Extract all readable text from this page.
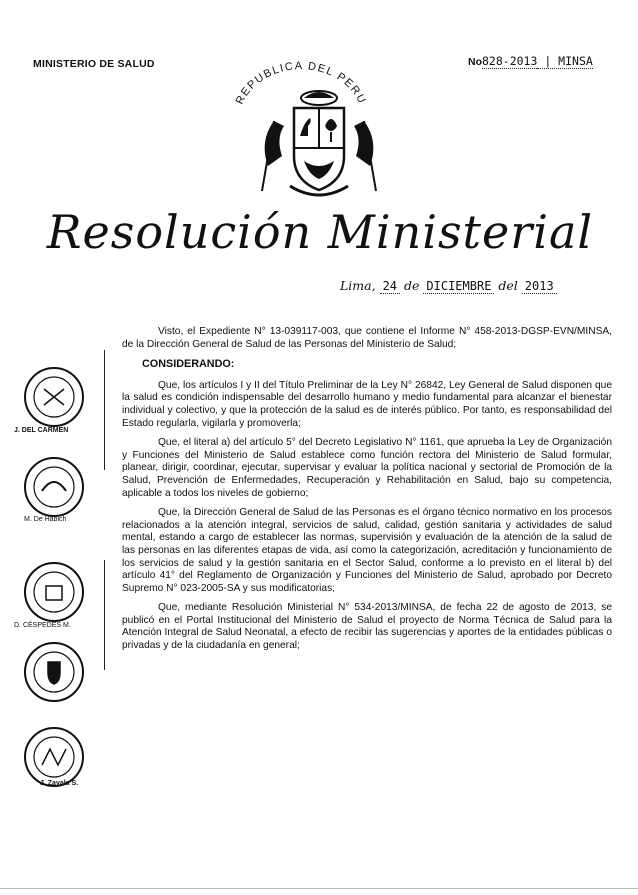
MINISTERIO DE SALUD	No828-2013 | MINSA
REPUBLICA DEL PERU
Resolución Ministerial
Lima, 24 de DICIEMBRE del 2013

Visto, el Expediente N° 13-039117-003, que contiene el Informe N° 458-2013-DGSP-EVN/MINSA, de la Dirección General de Salud de las Personas del Ministerio de Salud;

CONSIDERANDO:

Que, los artículos I y II del Título Preliminar de la Ley N° 26842, Ley General de Salud disponen que la salud es condición indispensable del desarrollo humano y medio fundamental para alcanzar el bienestar individual y colectivo, y que la protección de la salud es de interés público. Por tanto, es responsabilidad del Estado regularla, vigilarla y promoverla;

Que, el literal a) del artículo 5° del Decreto Legislativo N° 1161, que aprueba la Ley de Organización y Funciones del Ministerio de Salud establece como función rectora del Ministerio de Salud formular, planear, dirigir, coordinar, ejecutar, supervisar y evaluar la política nacional y sectorial de Promoción de la Salud, Prevención de Enfermedades, Recuperación y Rehabilitación en Salud, bajo su competencia, aplicable a todos los niveles de gobierno;

Que, la Dirección General de Salud de las Personas es el órgano técnico normativo en los procesos relacionados a la atención integral, servicios de salud, calidad, gestión sanitaria y actividades de salud mental, estando a cargo de establecer las normas, supervisión y evaluación de la atención de la salud de las personas en las diferentes etapas de vida, así como la categorización, acreditación y funcionamiento de los servicios de salud y la gestión sanitaria en el Sector Salud, conforme a lo previsto en el literal b) del artículo 41° del Reglamento de Organización y Funciones del Ministerio de Salud, aprobado por Decreto Supremo N° 023-2005-SA y sus modificatorias;

Que, mediante Resolución Ministerial N° 534-2013/MINSA, de fecha 22 de agosto de 2013, se publicó en el Portal Institucional del Ministerio de Salud el proyecto de Norma Técnica de Salud para la Atención Integral de Salud Neonatal, a efecto de recibir las sugerencias y aportes de la entidades públicas o privadas y de la ciudadanía en general;

J. DEL CARMEN
M. De Habich
D. CÉSPEDES M.
J. Zavala S.
